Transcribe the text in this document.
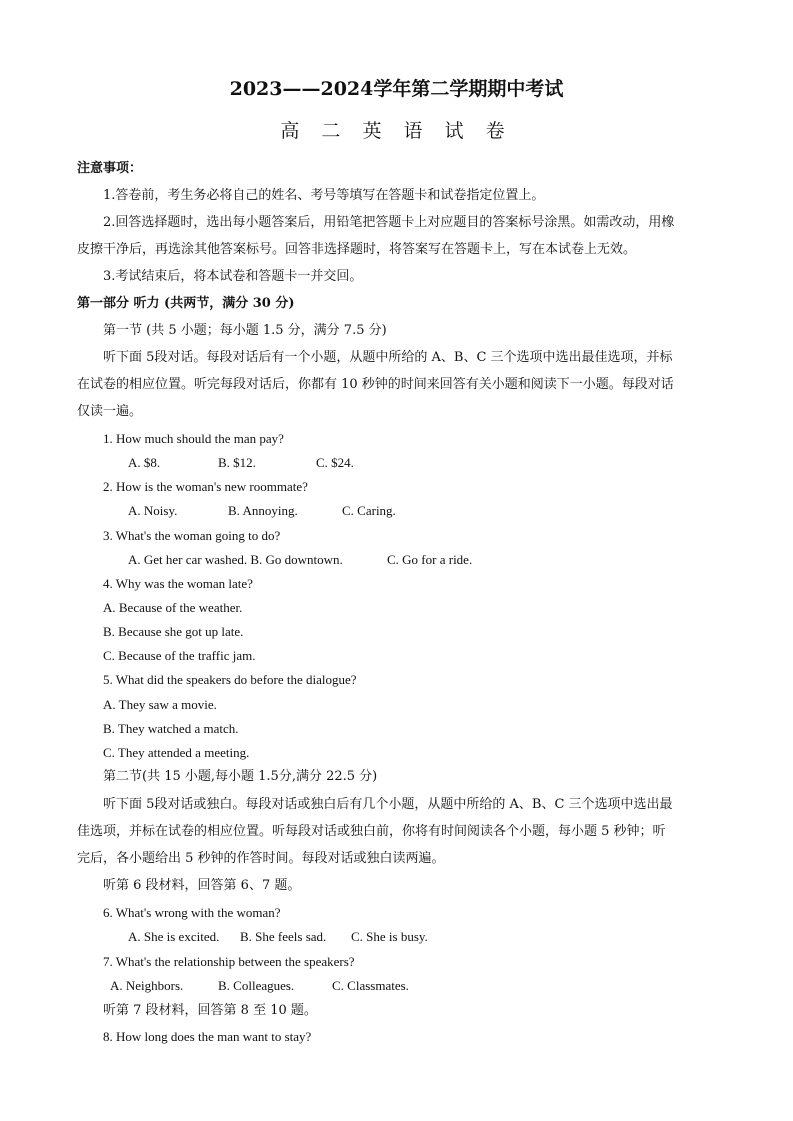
2023——2024学年第二学期期中考试
高 二 英 语 试 卷
注意事项：
1.答卷前，考生务必将自己的姓名、考号等填写在答题卡和试卷指定位置上。
2.回答选择题时，选出每小题答案后，用铅笔把答题卡上对应题目的答案标号涂黑。如需改动，用橡
皮擦干净后，再选涂其他答案标号。回答非选择题时，将答案写在答题卡上，写在本试卷上无效。
3.考试结束后，将本试卷和答题卡一并交回。
第一部分 听力 (共两节，满分 30 分)
第一节 (共 5 小题；每小题 1.5 分，满分 7.5 分)
听下面 5段对话。每段对话后有一个小题，从题中所给的 A、B、C 三个选项中选出最佳选项，并标
在试卷的相应位置。听完每段对话后，你都有 10 秒钟的时间来回答有关小题和阅读下一小题。每段对话
仅读一遍。
1. How much should the man pay?
A. $8.	B. $12.	C. $24.
2. How is the woman's new roommate?
A. Noisy.	B. Annoying.	C. Caring.
3. What's the woman going to do?
A. Get her car washed. B. Go downtown.	C. Go for a ride.
4. Why was the woman late?
A. Because of the weather.
B. Because she got up late.
C. Because of the traffic jam.
5. What did the speakers do before the dialogue?
A. They saw a movie.
B. They watched a match.
C. They attended a meeting.
第二节(共 15 小题,每小题 1.5分,满分 22.5 分)
听下面 5段对话或独白。每段对话或独白后有几个小题，从题中所给的 A、B、C 三个选项中选出最
佳选项，并标在试卷的相应位置。听每段对话或独白前，你将有时间阅读各个小题，每小题 5 秒钟；听
完后，各小题给出 5 秒钟的作答时间。每段对话或独白读两遍。
听第 6 段材料，回答第 6、7 题。
6. What's wrong with the woman?
A. She is excited. B. She feels sad. C. She is busy.
7. What's the relationship between the speakers?
A. Neighbors.	B. Colleagues.	C. Classmates.
听第 7 段材料，回答第 8 至 10 题。
8. How long does the man want to stay?
